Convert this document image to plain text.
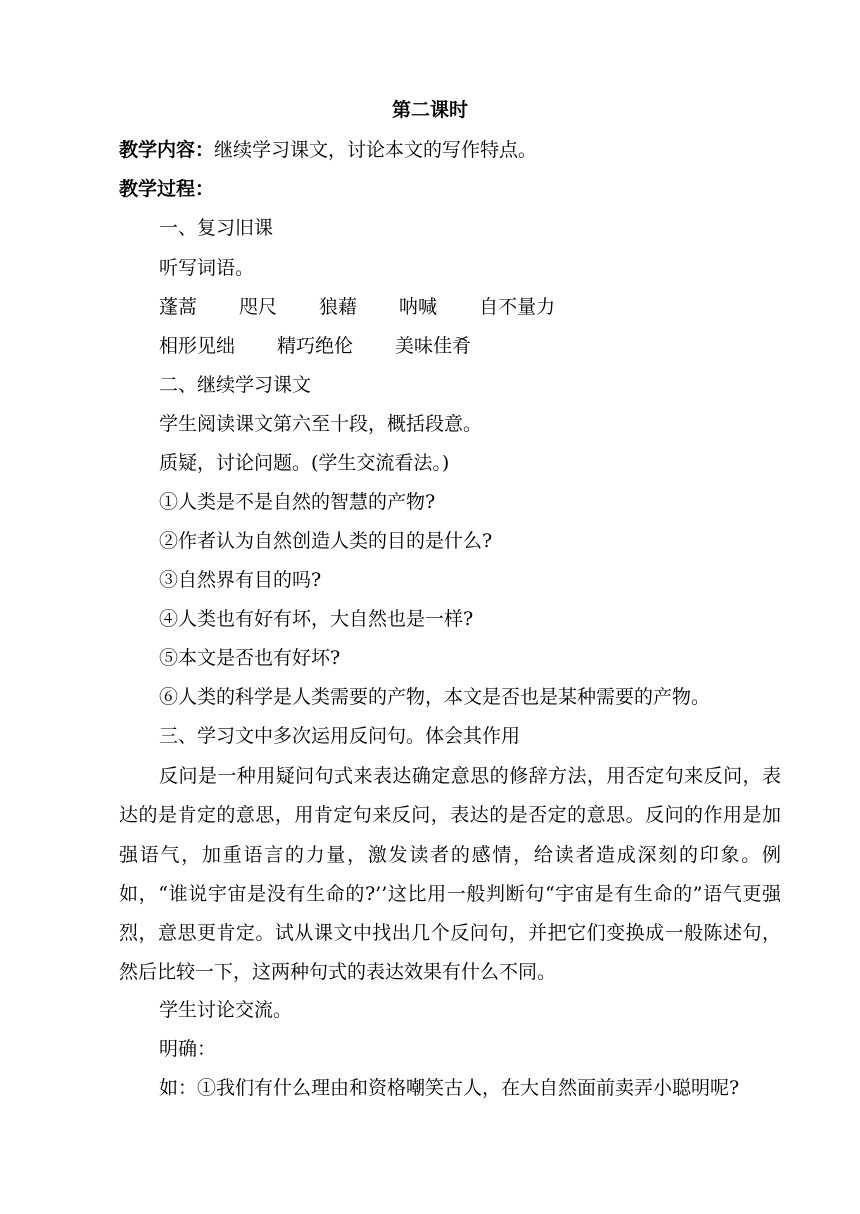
第二课时

教学内容：继续学习课文，讨论本文的写作特点。

教学过程：

一、复习旧课

听写词语。

蓬蒿 咫尺 狼藉 呐喊 自不量力

相形见绌 精巧绝伦 美味佳肴

二、继续学习课文

学生阅读课文第六至十段，概括段意。

质疑，讨论问题。(学生交流看法。)

①人类是不是自然的智慧的产物?

②作者认为自然创造人类的目的是什么?

③自然界有目的吗?

④人类也有好有坏，大自然也是一样?

⑤本文是否也有好坏?

⑥人类的科学是人类需要的产物，本文是否也是某种需要的产物。

三、学习文中多次运用反问句。体会其作用

反问是一种用疑问句式来表达确定意思的修辞方法，用否定句来反问，表达的是肯定的意思，用肯定句来反问，表达的是否定的意思。反问的作用是加强语气，加重语言的力量，激发读者的感情，给读者造成深刻的印象。例如，“谁说宇宙是没有生命的?’’这比用一般判断句“宇宙是有生命的”语气更强烈，意思更肯定。试从课文中找出几个反问句，并把它们变换成一般陈述句，然后比较一下，这两种句式的表达效果有什么不同。

学生讨论交流。

明确：

如：①我们有什么理由和资格嘲笑古人，在大自然面前卖弄小聪明呢?
